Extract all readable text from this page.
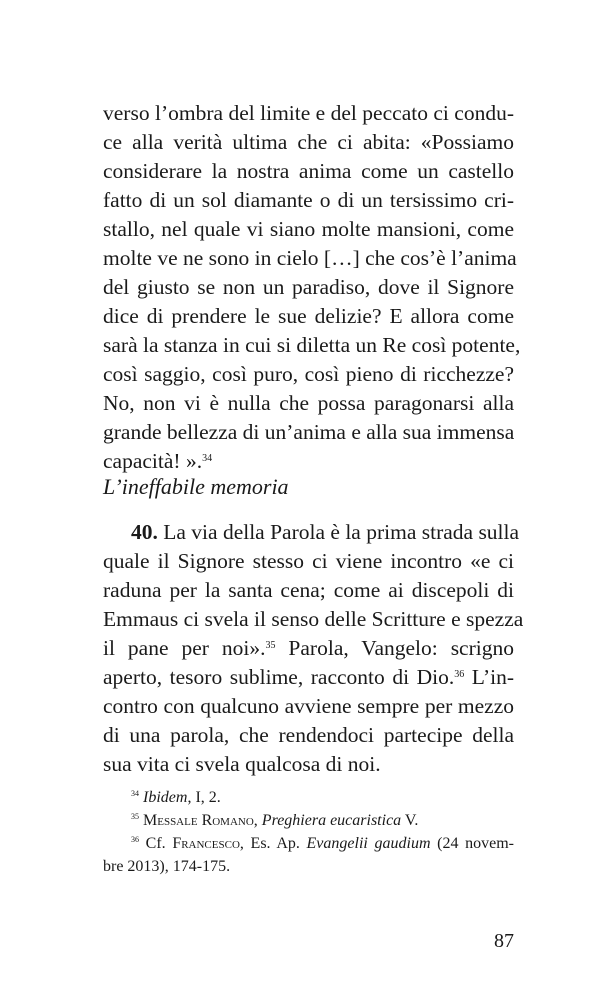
verso l’ombra del limite e del peccato ci condu-
ce alla verità ultima che ci abita: «Possiamo
considerare la nostra anima come un castello
fatto di un sol diamante o di un tersissimo cri-
stallo, nel quale vi siano molte mansioni, come
molte ve ne sono in cielo […] che cos’è l’anima
del giusto se non un paradiso, dove il Signore
dice di prendere le sue delizie? E allora come
sarà la stanza in cui si diletta un Re così potente,
così saggio, così puro, così pieno di ricchezze?
No, non vi è nulla che possa paragonarsi alla
grande bellezza di un’anima e alla sua immensa
capacità! ».$^{34}$
L’ineffabile memoria
40. La via della Parola è la prima strada sulla
quale il Signore stesso ci viene incontro «e ci
raduna per la santa cena; come ai discepoli di
Emmaus ci svela il senso delle Scritture e spezza
il pane per noi».$^{35}$ Parola, Vangelo: scrigno
aperto, tesoro sublime, racconto di Dio.$^{36}$ L’in-
contro con qualcuno avviene sempre per mezzo
di una parola, che rendendoci partecipe della
sua vita ci svela qualcosa di noi.
$^{34}$ Ibidem, I, 2.
$^{35}$ Messale Romano, Preghiera eucaristica V.
$^{36}$ Cf. Francesco, Es. Ap. Evangelii gaudium (24 novem-
bre 2013), 174-175.
87
